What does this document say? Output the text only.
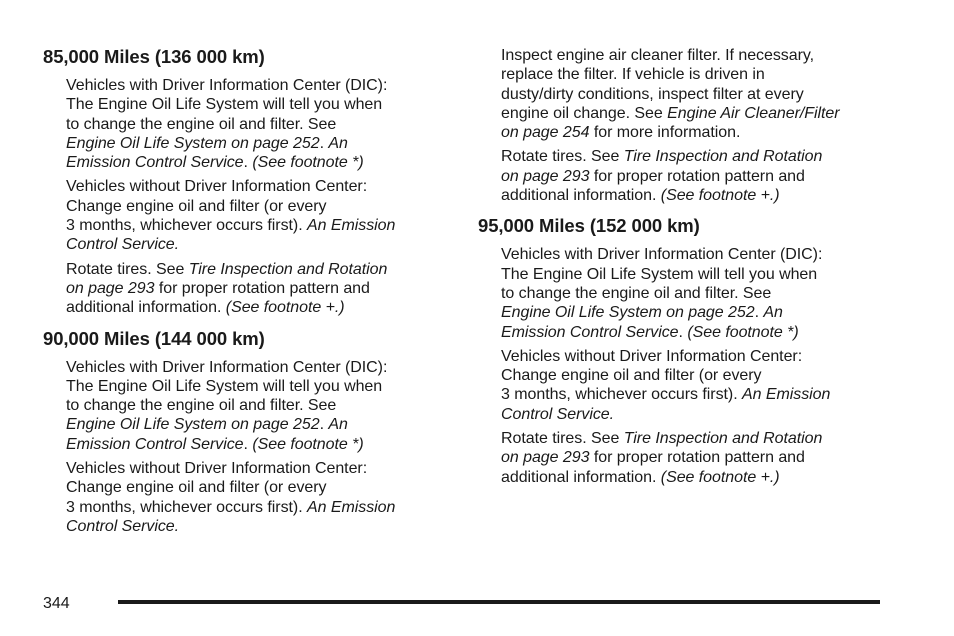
85,000 Miles (136 000 km)

Vehicles with Driver Information Center (DIC):
The Engine Oil Life System will tell you when
to change the engine oil and filter. See
Engine Oil Life System on page 252. An
Emission Control Service. (See footnote *)

Vehicles without Driver Information Center:
Change engine oil and filter (or every
3 months, whichever occurs first). An Emission
Control Service.

Rotate tires. See Tire Inspection and Rotation
on page 293 for proper rotation pattern and
additional information. (See footnote +.)

90,000 Miles (144 000 km)

Vehicles with Driver Information Center (DIC):
The Engine Oil Life System will tell you when
to change the engine oil and filter. See
Engine Oil Life System on page 252. An
Emission Control Service. (See footnote *)

Vehicles without Driver Information Center:
Change engine oil and filter (or every
3 months, whichever occurs first). An Emission
Control Service.

Inspect engine air cleaner filter. If necessary,
replace the filter. If vehicle is driven in
dusty/dirty conditions, inspect filter at every
engine oil change. See Engine Air Cleaner/Filter
on page 254 for more information.

Rotate tires. See Tire Inspection and Rotation
on page 293 for proper rotation pattern and
additional information. (See footnote +.)

95,000 Miles (152 000 km)

Vehicles with Driver Information Center (DIC):
The Engine Oil Life System will tell you when
to change the engine oil and filter. See
Engine Oil Life System on page 252. An
Emission Control Service. (See footnote *)

Vehicles without Driver Information Center:
Change engine oil and filter (or every
3 months, whichever occurs first). An Emission
Control Service.

Rotate tires. See Tire Inspection and Rotation
on page 293 for proper rotation pattern and
additional information. (See footnote +.)

344
